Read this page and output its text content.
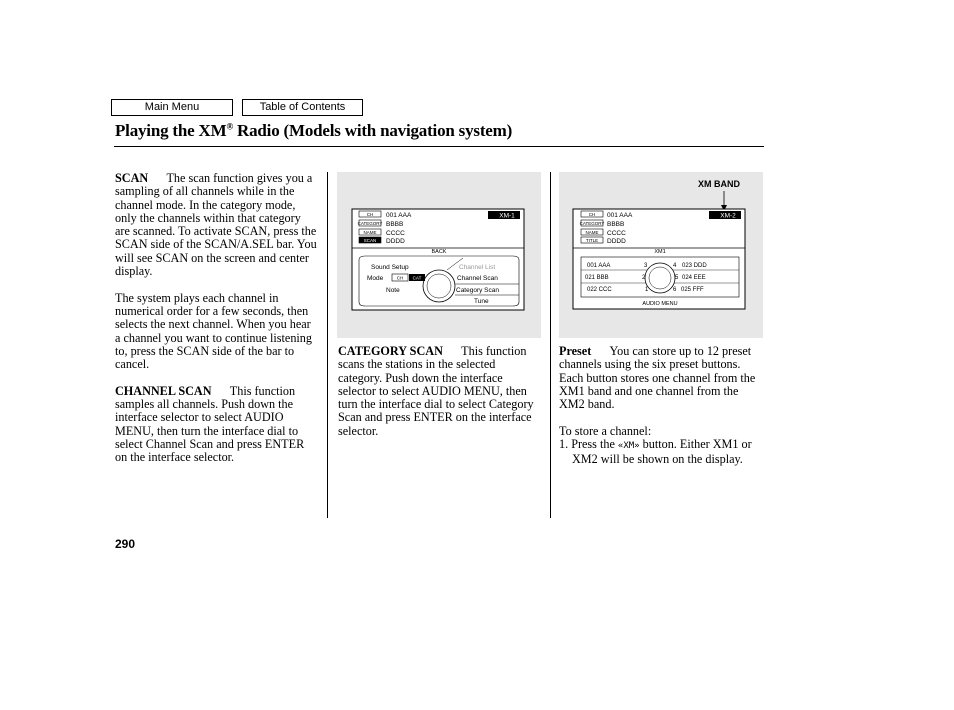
Main Menu	Table of Contents
Playing the XM® Radio (Models with navigation system)

SCAN The scan function gives you a sampling of all channels while in the channel mode. In the category mode, only the channels within that category are scanned. To activate SCAN, press the SCAN side of the SCAN/A.SEL bar. You will see SCAN on the screen and center display.

The system plays each channel in numerical order for a few seconds, then selects the next channel. When you hear a channel you want to continue listening to, press the SCAN side of the bar to cancel.

CHANNEL SCAN This function samples all channels. Push down the interface selector to select AUDIO MENU, then turn the interface dial to select Channel Scan and press ENTER on the interface selector.

CH
CATEGORY
NAME
SCAN
001 AAA
BBBB
CCCC
DDDD
XM-1
BACK
Sound Setup
Mode	CH CAT
Note
Channel List
Channel Scan
Category Scan
Tune

CATEGORY SCAN This function scans the stations in the selected category. Push down the interface selector to select AUDIO MENU, then turn the interface dial to select Category Scan and press ENTER on the interface selector.

CH
CATEGORY
NAME
TITLE
001 AAA
BBBB
CCCC
DDDD
XM-2
XM1
001 AAA
021 BBB
022 CCC
023 DDD
024 EEE
025 FFF
3
2
1
4
5
6
AUDIO MENU
XM BAND

Preset You can store up to 12 preset channels using the six preset buttons. Each button stores one channel from the XM1 band and one channel from the XM2 band.

To store a channel:
1. Press the «XM» button. Either XM1 or XM2 will be shown on the display.
290
